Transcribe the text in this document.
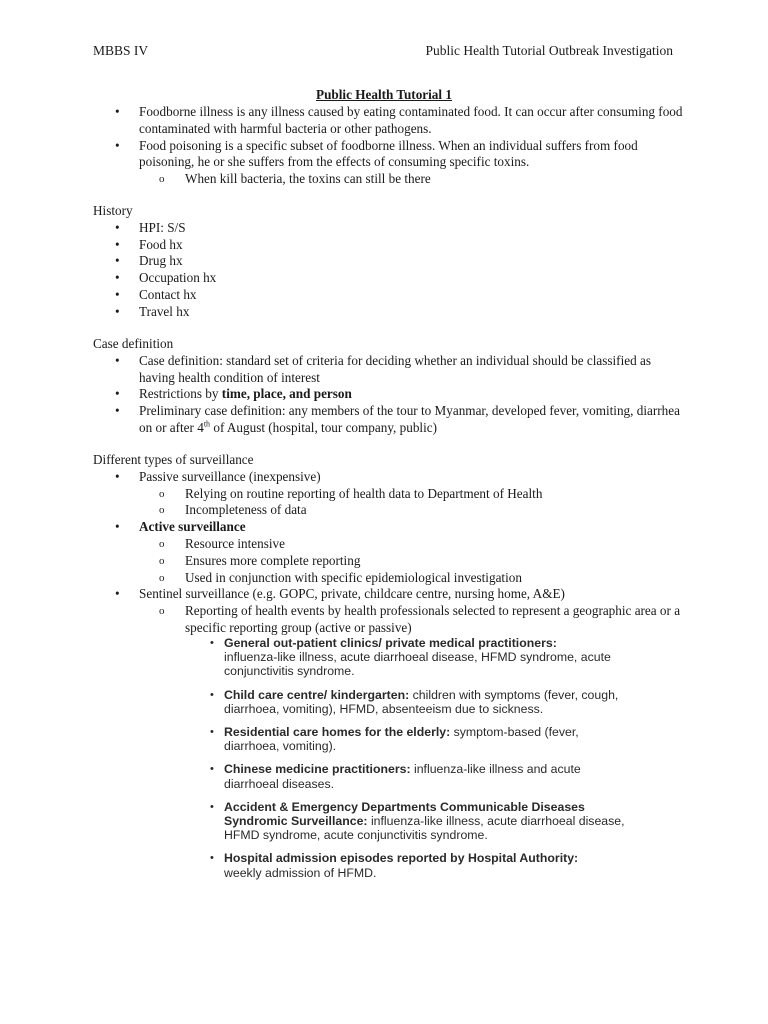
MBBS IV	Public Health Tutorial Outbreak Investigation
Public Health Tutorial 1
• Foodborne illness is any illness caused by eating contaminated food. It can occur after consuming food contaminated with harmful bacteria or other pathogens.
• Food poisoning is a specific subset of foodborne illness. When an individual suffers from food poisoning, he or she suffers from the effects of consuming specific toxins.
o When kill bacteria, the toxins can still be there
History
• HPI: S/S
• Food hx
• Drug hx
• Occupation hx
• Contact hx
• Travel hx
Case definition
• Case definition: standard set of criteria for deciding whether an individual should be classified as having health condition of interest
• Restrictions by time, place, and person
• Preliminary case definition: any members of the tour to Myanmar, developed fever, vomiting, diarrhea on or after 4th of August (hospital, tour company, public)
Different types of surveillance
• Passive surveillance (inexpensive)
o Relying on routine reporting of health data to Department of Health
o Incompleteness of data
• Active surveillance
o Resource intensive
o Ensures more complete reporting
o Used in conjunction with specific epidemiological investigation
• Sentinel surveillance (e.g. GOPC, private, childcare centre, nursing home, A&E)
o Reporting of health events by health professionals selected to represent a geographic area or a specific reporting group (active or passive)
• General out-patient clinics/ private medical practitioners:
influenza-like illness, acute diarrhoeal disease, HFMD syndrome, acute conjunctivitis syndrome.
• Child care centre/ kindergarten: children with symptoms (fever, cough, diarrhoea, vomiting), HFMD, absenteeism due to sickness.
• Residential care homes for the elderly: symptom-based (fever, diarrhoea, vomiting).
• Chinese medicine practitioners: influenza-like illness and acute diarrhoeal diseases.
• Accident & Emergency Departments Communicable Diseases Syndromic Surveillance: influenza-like illness, acute diarrhoeal disease, HFMD syndrome, acute conjunctivitis syndrome.
• Hospital admission episodes reported by Hospital Authority:
weekly admission of HFMD.
